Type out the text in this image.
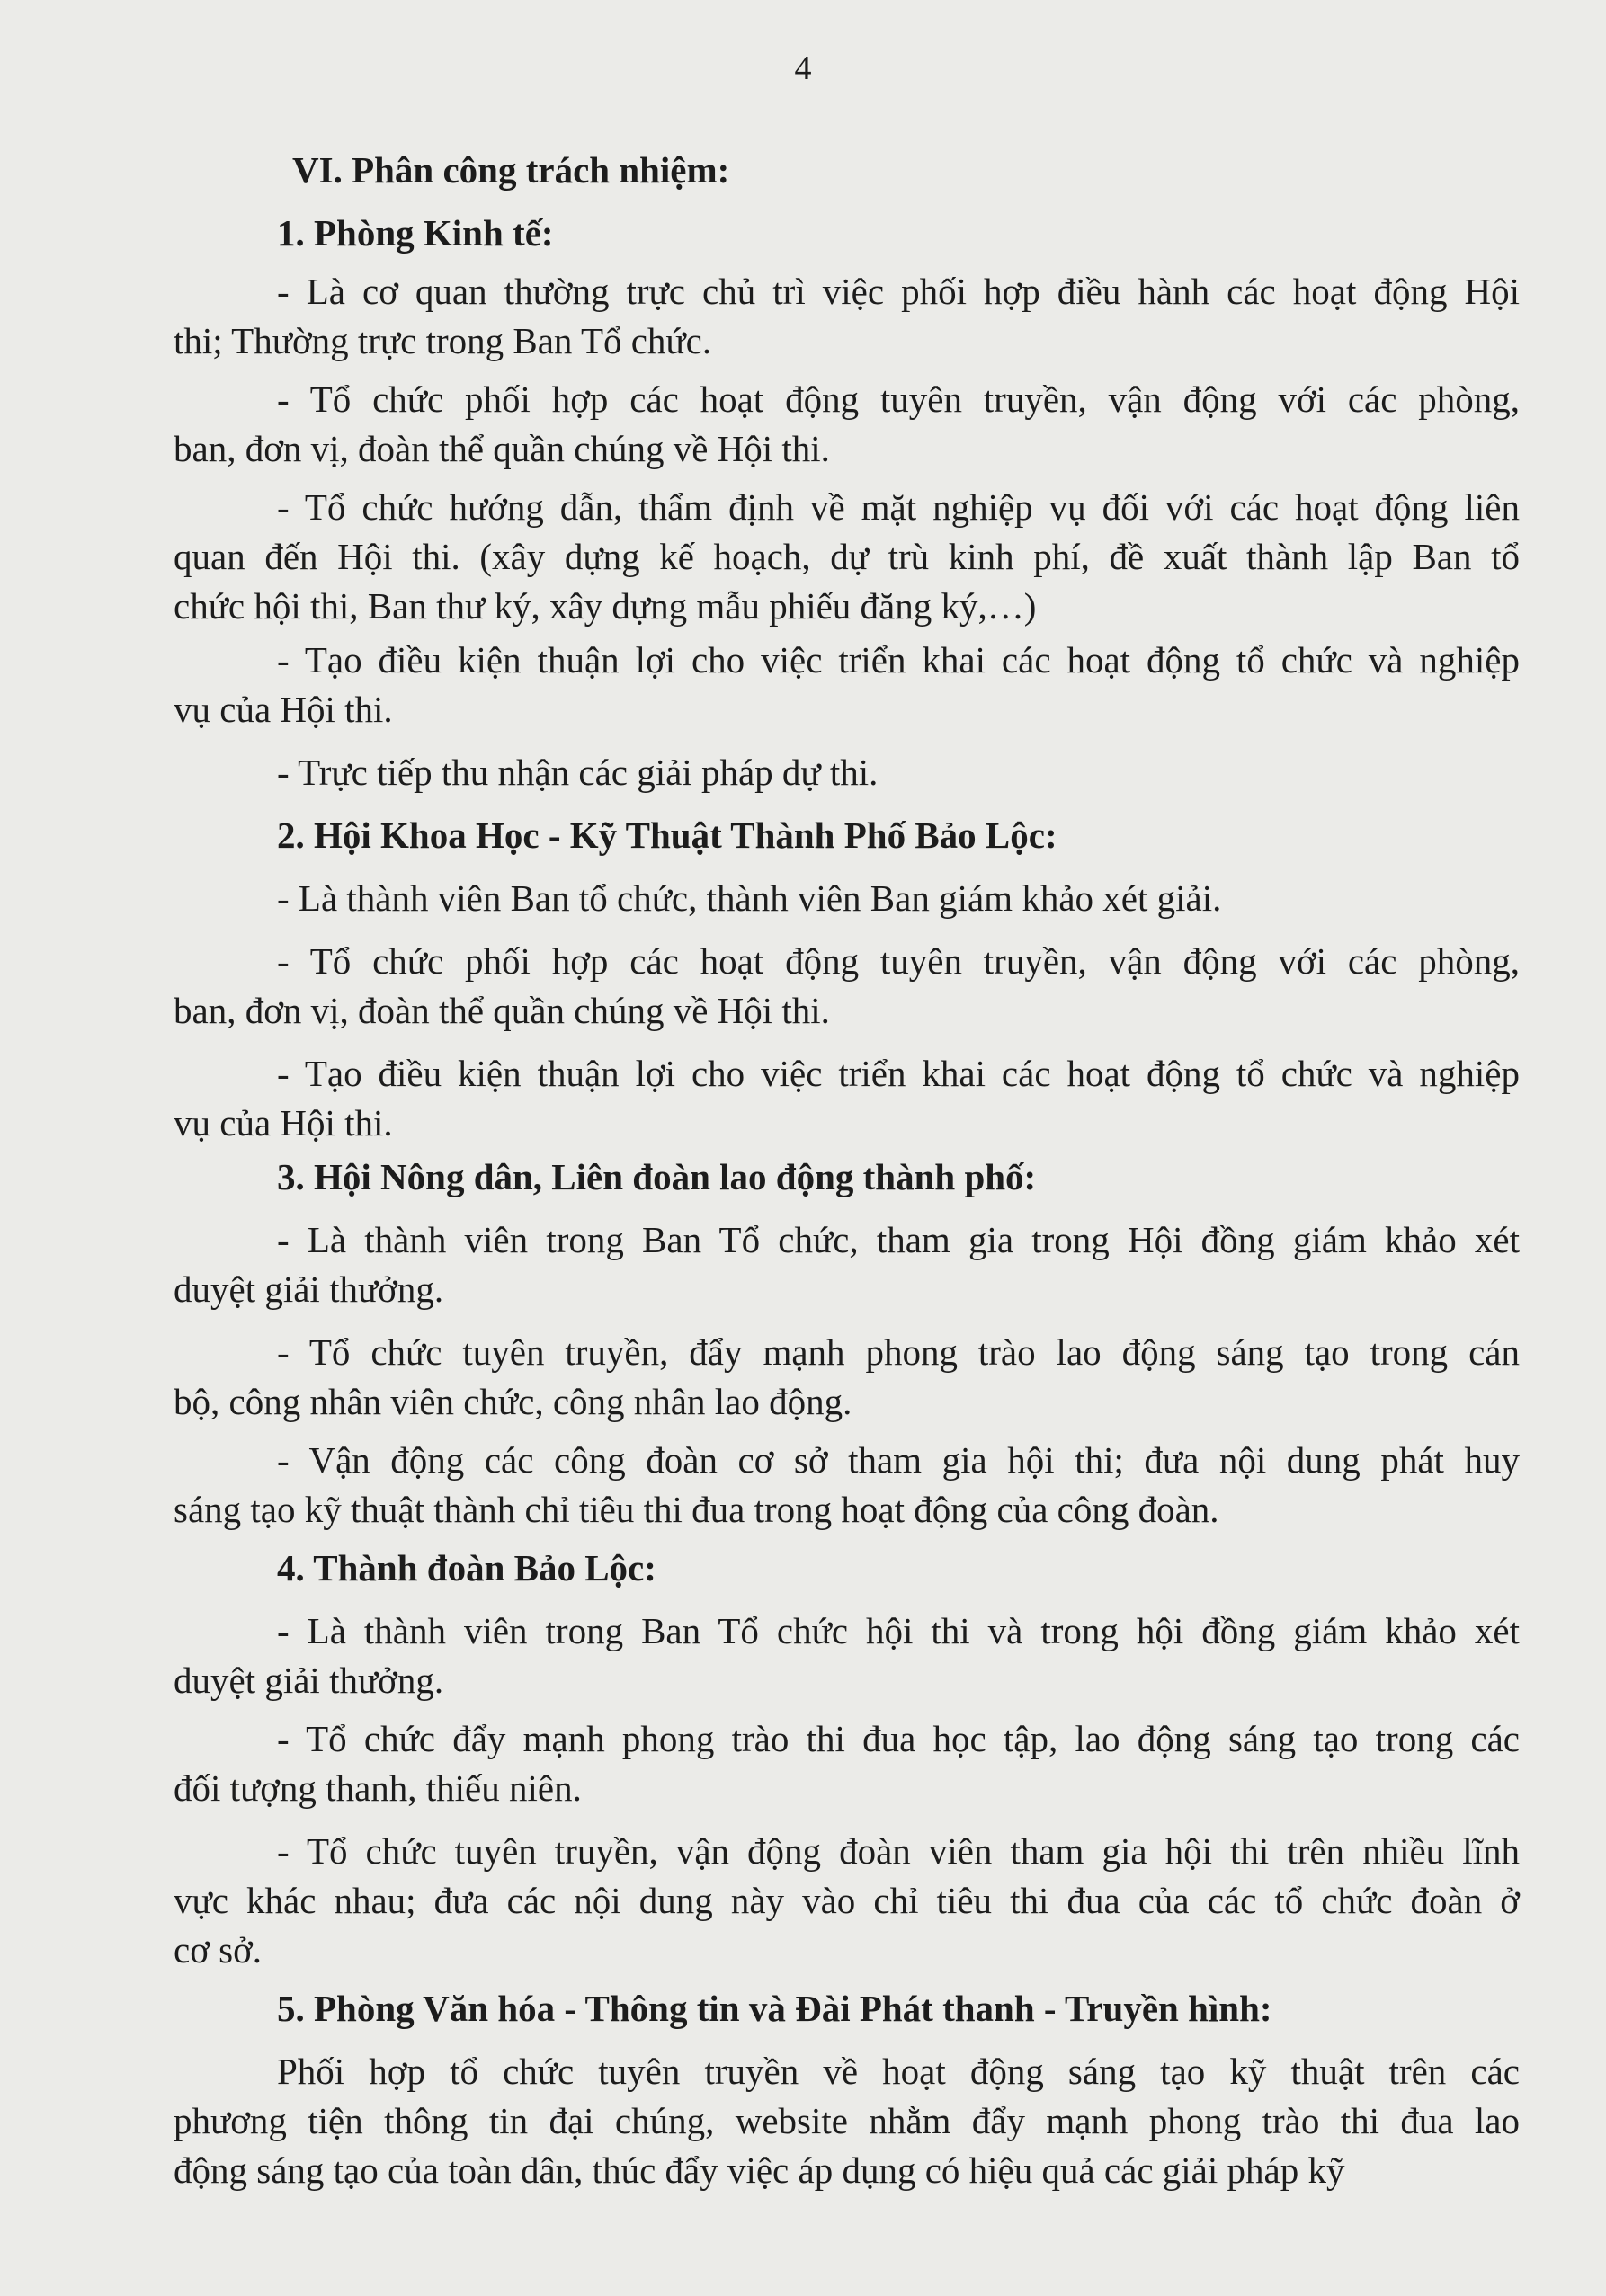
4
VI. Phân công trách nhiệm:
1. Phòng Kinh tế:
- Là cơ quan thường trực chủ trì việc phối hợp điều hành các hoạt động Hội
thi; Thường trực trong Ban Tổ chức.
- Tổ chức phối hợp các hoạt động tuyên truyền, vận động với các phòng,
ban, đơn vị, đoàn thể quần chúng về Hội thi.
- Tổ chức hướng dẫn, thẩm định về mặt nghiệp vụ đối với các hoạt động liên
quan đến Hội thi. (xây dựng kế hoạch, dự trù kinh phí, đề xuất thành lập Ban tổ
chức hội thi, Ban thư ký, xây dựng mẫu phiếu đăng ký,…)
- Tạo điều kiện thuận lợi cho việc triển khai các hoạt động tổ chức và nghiệp
vụ của Hội thi.
- Trực tiếp thu nhận các giải pháp dự thi.
2. Hội Khoa Học - Kỹ Thuật Thành Phố Bảo Lộc:
- Là thành viên Ban tổ chức, thành viên Ban giám khảo xét giải.
- Tổ chức phối hợp các hoạt động tuyên truyền, vận động với các phòng,
ban, đơn vị, đoàn thể quần chúng về Hội thi.
- Tạo điều kiện thuận lợi cho việc triển khai các hoạt động tổ chức và nghiệp
vụ của Hội thi.
3. Hội Nông dân, Liên đoàn lao động thành phố:
- Là thành viên trong Ban Tổ chức, tham gia trong Hội đồng giám khảo xét
duyệt giải thưởng.
- Tổ chức tuyên truyền, đẩy mạnh phong trào lao động sáng tạo trong cán
bộ, công nhân viên chức, công nhân lao động.
- Vận động các công đoàn cơ sở tham gia hội thi; đưa nội dung phát huy
sáng tạo kỹ thuật thành chỉ tiêu thi đua trong hoạt động của công đoàn.
4. Thành đoàn Bảo Lộc:
- Là thành viên trong Ban Tổ chức hội thi và trong hội đồng giám khảo xét
duyệt giải thưởng.
- Tổ chức đẩy mạnh phong trào thi đua học tập, lao động sáng tạo trong các
đối tượng thanh, thiếu niên.
- Tổ chức tuyên truyền, vận động đoàn viên tham gia hội thi trên nhiều lĩnh
vực khác nhau; đưa các nội dung này vào chỉ tiêu thi đua của các tổ chức đoàn ở
cơ sở.
5. Phòng Văn hóa - Thông tin và Đài Phát thanh - Truyền hình:
Phối hợp tổ chức tuyên truyền về hoạt động sáng tạo kỹ thuật trên các
phương tiện thông tin đại chúng, website nhằm đẩy mạnh phong trào thi đua lao
động sáng tạo của toàn dân, thúc đẩy việc áp dụng có hiệu quả các giải pháp kỹ
